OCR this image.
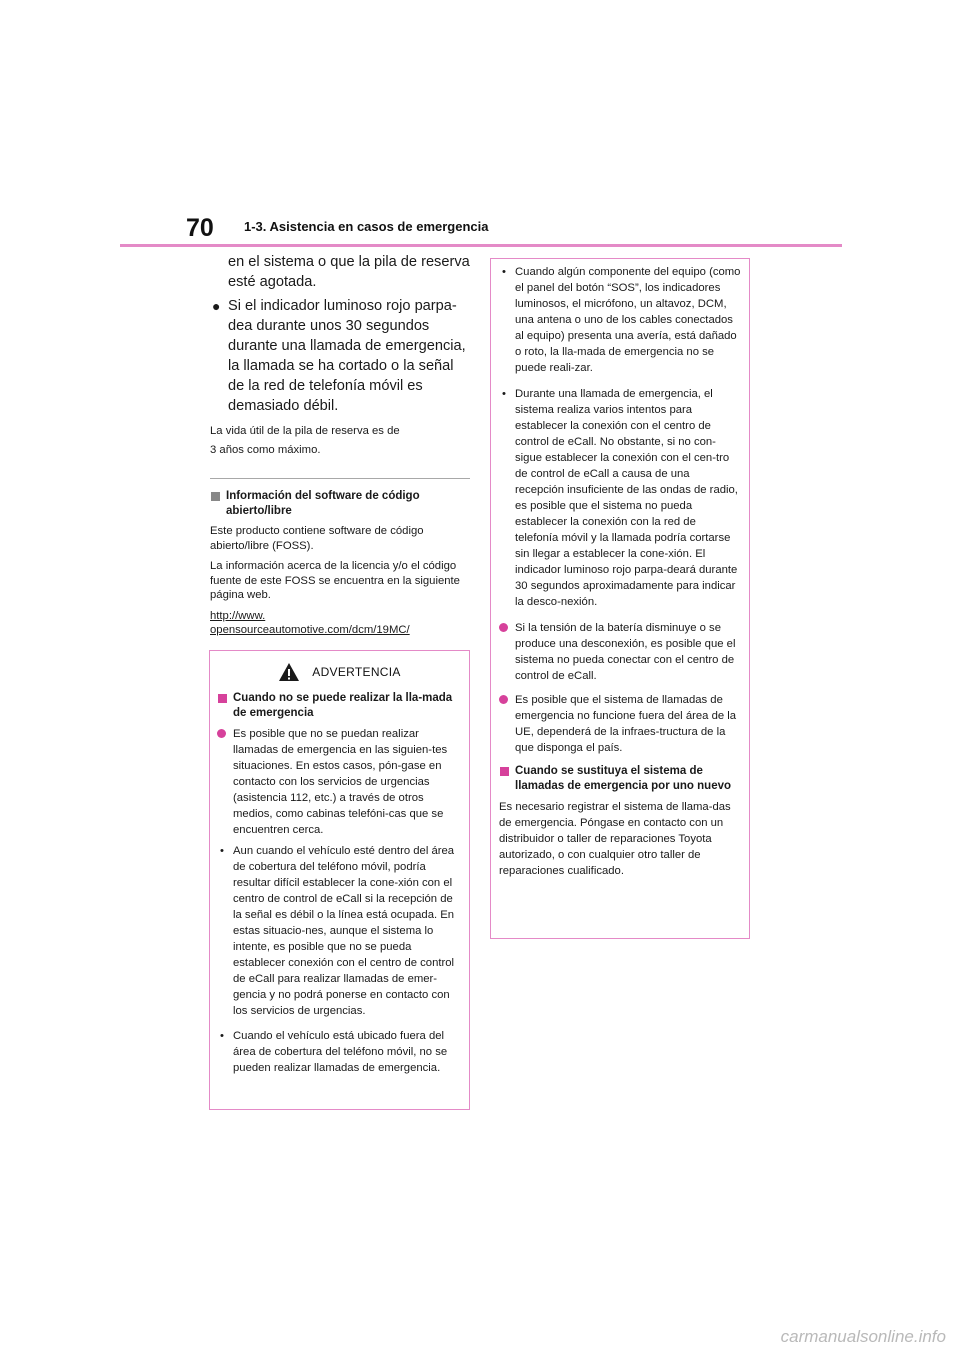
70 1-3. Asistencia en casos de emergencia
en el sistema o que la pila de reserva esté agotada.
● Si el indicador luminoso rojo parpa-dea durante unos 30 segundos durante una llamada de emergencia, la llamada se ha cortado o la señal de la red de telefonía móvil es demasiado débil.
La vida útil de la pila de reserva es de
3 años como máximo.
Información del software de código abierto/libre
Este producto contiene software de código abierto/libre (FOSS).
La información acerca de la licencia y/o el código fuente de este FOSS se encuentra en la siguiente página web.
http://www.
opensourceautomotive.com/dcm/19MC/
ADVERTENCIA
Cuando no se puede realizar la lla-mada de emergencia
Es posible que no se puedan realizar llamadas de emergencia en las siguien-tes situaciones. En estos casos, pón-gase en contacto con los servicios de urgencias (asistencia 112, etc.) a través de otros medios, como cabinas telefóni-cas que se encuentren cerca.
• Aun cuando el vehículo esté dentro del área de cobertura del teléfono móvil, podría resultar difícil establecer la cone-xión con el centro de control de eCall si la recepción de la señal es débil o la línea está ocupada. En estas situacio-nes, aunque el sistema lo intente, es posible que no se pueda establecer conexión con el centro de control de eCall para realizar llamadas de emer-gencia y no podrá ponerse en contacto con los servicios de urgencias.
• Cuando el vehículo está ubicado fuera del área de cobertura del teléfono móvil, no se pueden realizar llamadas de emergencia.
• Cuando algún componente del equipo (como el panel del botón “SOS”, los indicadores luminosos, el micrófono, un altavoz, DCM, una antena o uno de los cables conectados al equipo) presenta una avería, está dañado o roto, la lla-mada de emergencia no se puede reali-zar.
• Durante una llamada de emergencia, el sistema realiza varios intentos para establecer la conexión con el centro de control de eCall. No obstante, si no con-sigue establecer la conexión con el cen-tro de control de eCall a causa de una recepción insuficiente de las ondas de radio, es posible que el sistema no pueda establecer la conexión con la red de telefonía móvil y la llamada podría cortarse sin llegar a establecer la cone-xión. El indicador luminoso rojo parpa-deará durante 30 segundos aproximadamente para indicar la desco-nexión.
Si la tensión de la batería disminuye o se produce una desconexión, es posible que el sistema no pueda conectar con el centro de control de eCall.
Es posible que el sistema de llamadas de emergencia no funcione fuera del área de la UE, dependerá de la infraes-tructura de la que disponga el país.
Cuando se sustituya el sistema de llamadas de emergencia por uno nuevo
Es necesario registrar el sistema de llama-das de emergencia. Póngase en contacto con un distribuidor o taller de reparaciones Toyota autorizado, o con cualquier otro taller de reparaciones cualificado.
carmanualsonline.info
